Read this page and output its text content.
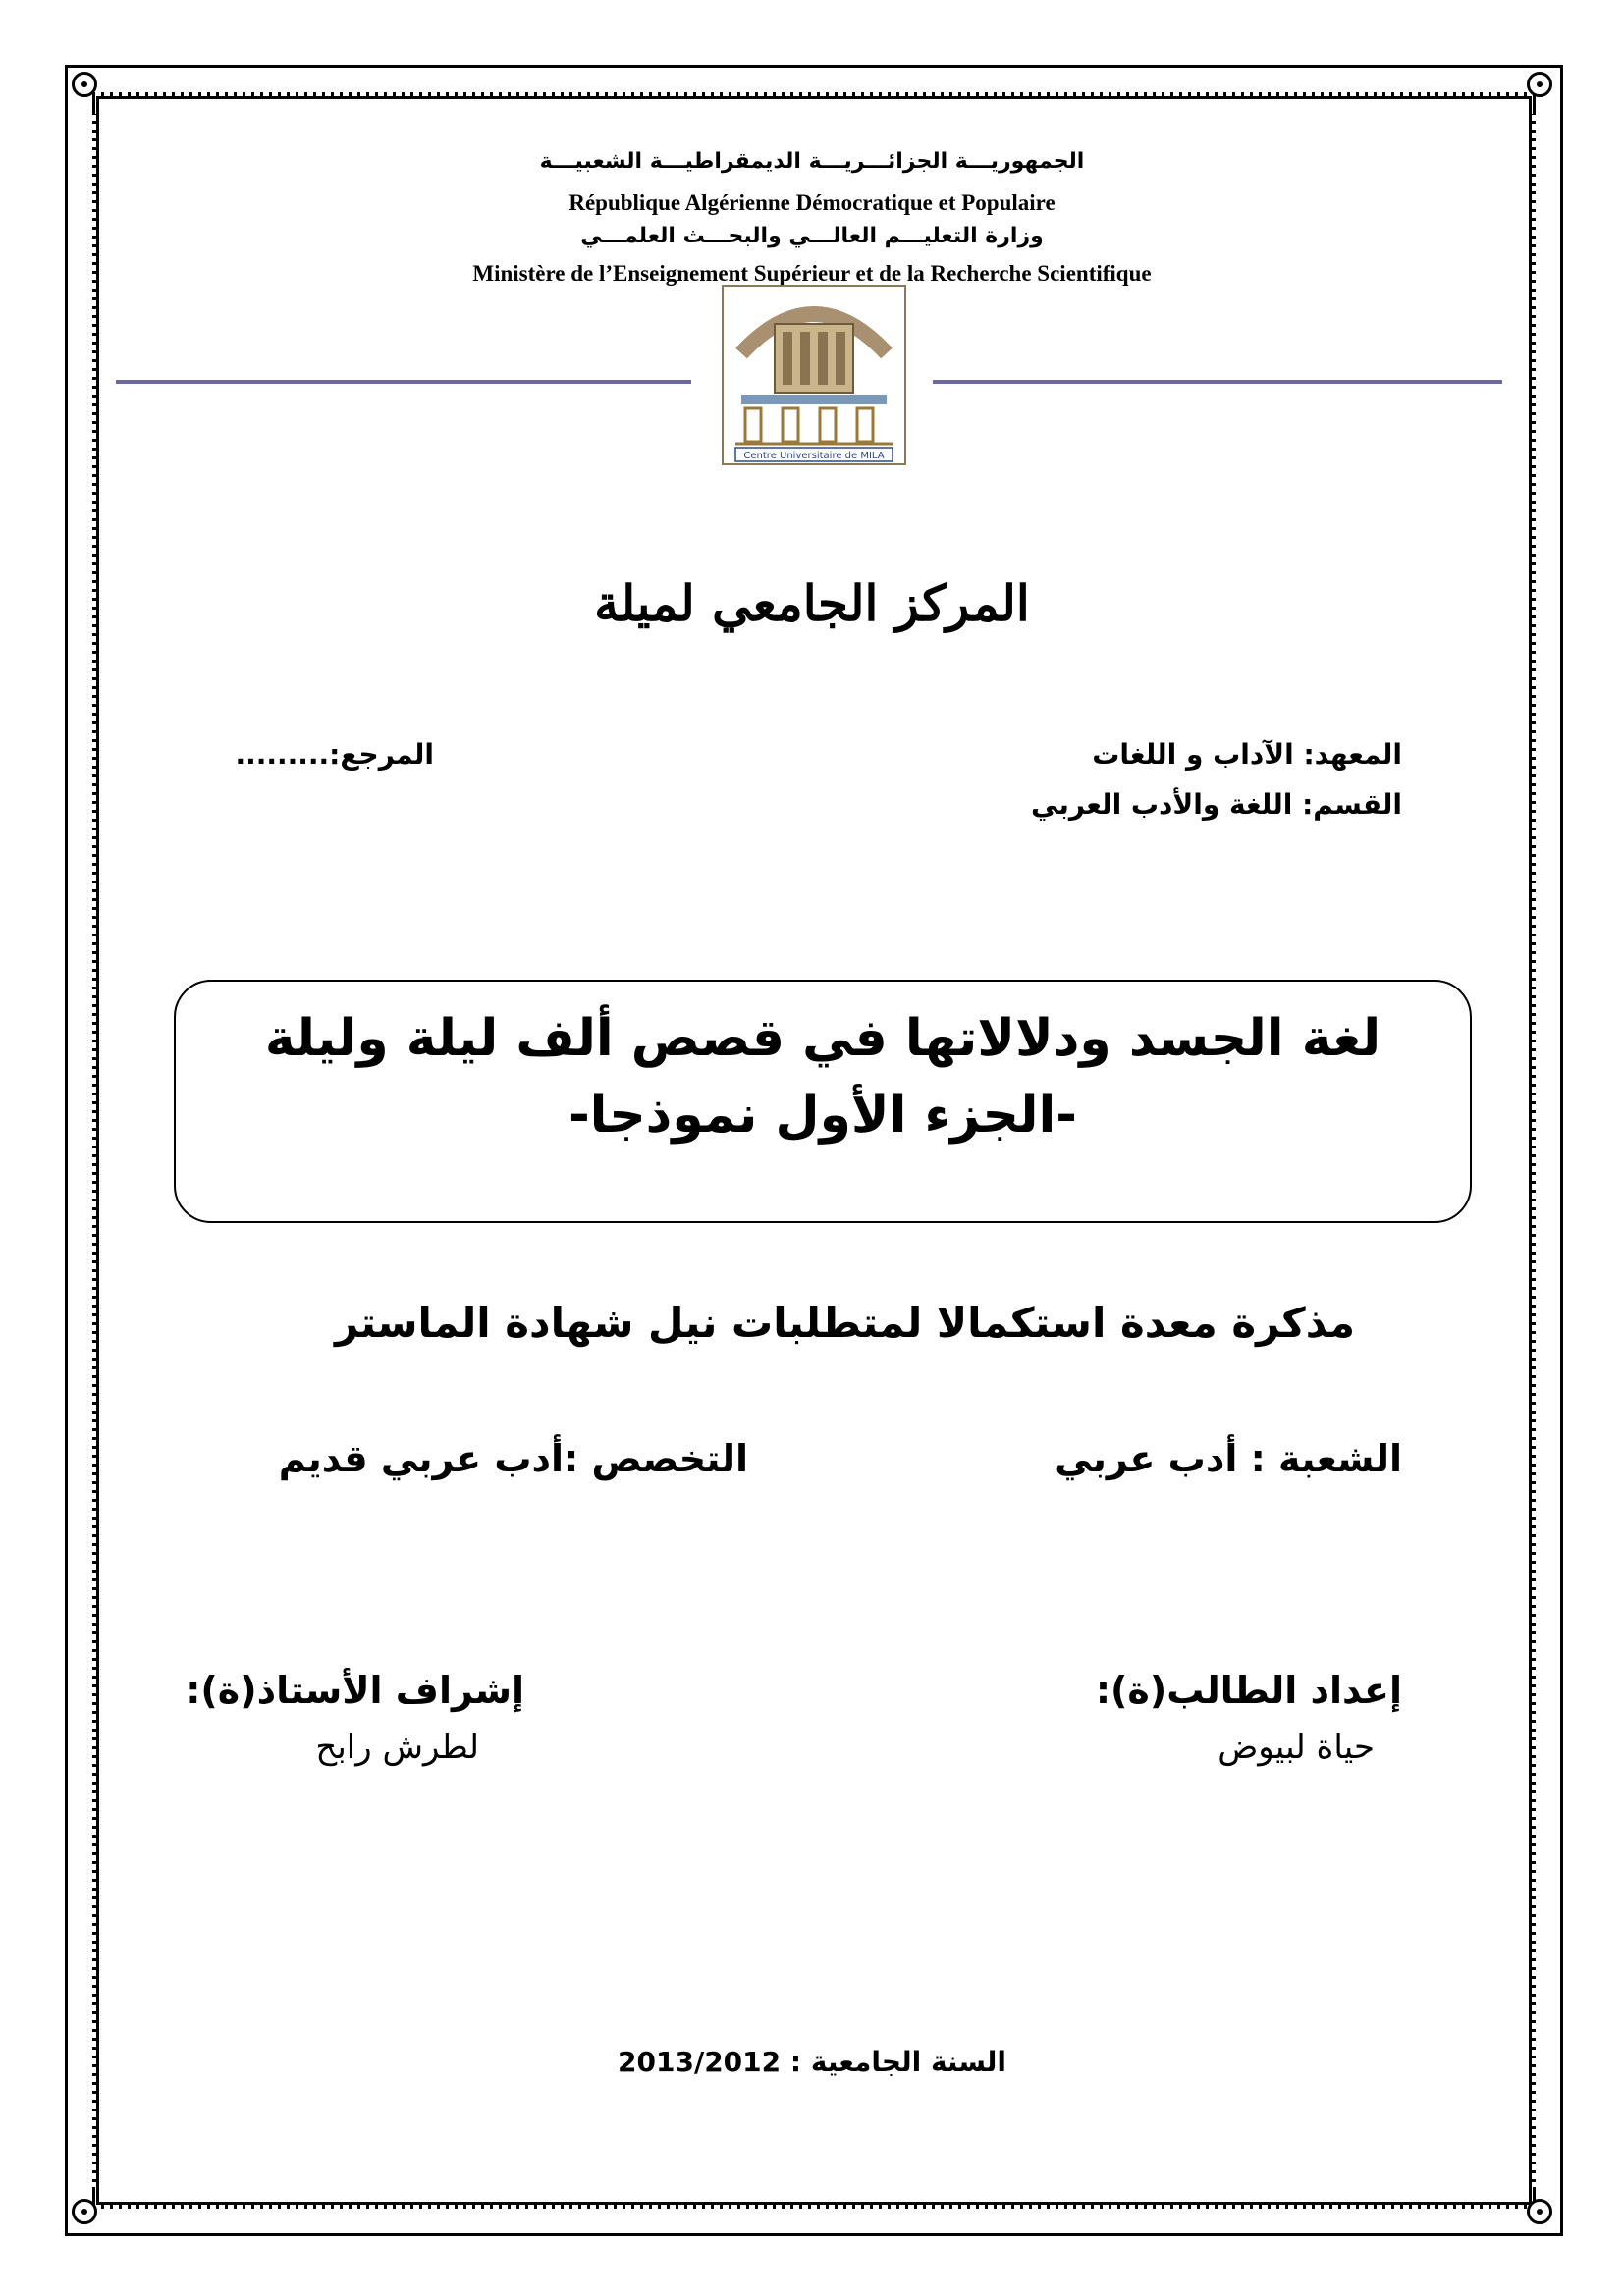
الجمهوريـــة الجزائـــريـــة الديمقراطيـــة الشعبيـــة
République Algérienne Démocratique et Populaire
وزارة التعليـــم العالـــي والبحـــث العلمـــي
Ministère de l’Enseignement Supérieur et de la Recherche Scientifique
Centre Universitaire de MILA
المركز الجامعي لميلة
المعهد: الآداب و اللغات
القسم: اللغة والأدب العربي
المرجع:.........
لغة الجسد ودلالاتها في قصص ألف ليلة وليلة
-الجزء الأول نموذجا-
مذكرة معدة استكمالا لمتطلبات نيل شهادة الماستر
الشعبة : أدب عربي
التخصص :أدب عربي قديم
إعداد الطالب(ة):
حياة لبيوض
إشراف الأستاذ(ة):
لطرش رابح
السنة الجامعية : 2013/2012
